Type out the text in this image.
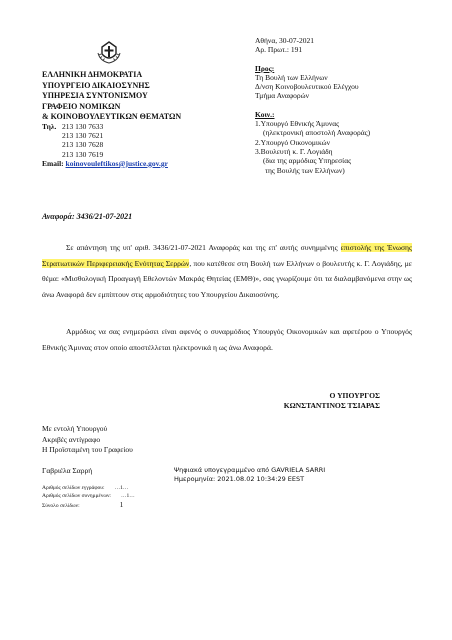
ΕΛΛΗΝΙΚΗ ΔΗΜΟΚΡΑΤΙΑ
ΥΠΟΥΡΓΕΙΟ ΔΙΚΑΙΟΣΥΝΗΣ
ΥΠΗΡΕΣΙΑ ΣΥΝΤΟΝΙΣΜΟΥ
ΓΡΑΦΕΙΟ ΝΟΜΙΚΩΝ
& ΚΟΙΝΟΒΟΥΛΕΥΤΙΚΩΝ ΘΕΜΑΤΩΝ
Τηλ. 213 130 7633
213 130 7621
213 130 7628
213 130 7619
Email: koinovouleftikos@justice.gov.gr
Αθήνα, 30-07-2021
Αρ. Πρωτ.: 191
Προς:
Τη Βουλή των Ελλήνων
Δ/νση Κοινοβουλευτικού Ελέγχου
Τμήμα Αναφορών
Κοιν.:
1.Υπουργό Εθνικής Άμυνας
(ηλεκτρονική αποστολή Αναφοράς)
2.Υπουργό Οικονομικών
3.Βουλευτή κ. Γ. Λογιάδη
(δια της αρμόδιας Υπηρεσίας
της Βουλής των Ελλήνων)
Αναφορά: 3436/21-07-2021

Σε απάντηση της υπ' αριθ. 3436/21-07-2021 Αναφοράς και της επ' αυτής συνημμένης επιστολής της Ένωσης Στρατιωτικών Περιφερειακής Ενότητας Σερρών, που κατέθεσε στη Βουλή των Ελλήνων ο βουλευτής κ. Γ. Λογιάδης, με θέμα: «Μισθολογική Προαγωγή Εθελοντών Μακράς Θητείας (ΕΜΘ)», σας γνωρίζουμε ότι τα διαλαμβανόμενα στην ως άνω Αναφορά δεν εμπίπτουν στις αρμοδιότητες του Υπουργείου Δικαιοσύνης.

Αρμόδιος να σας ενημερώσει είναι αφενός ο συναρμόδιος Υπουργός Οικονομικών και αφετέρου ο Υπουργός Εθνικής Άμυνας στον οποίο αποστέλλεται ηλεκτρονικά η ως άνω Αναφορά.

Ο ΥΠΟΥΡΓΟΣ
ΚΩΝΣΤΑΝΤΙΝΟΣ ΤΣΙΑΡΑΣ
Με εντολή Υπουργού
Ακριβές αντίγραφο
Η Προϊσταμένη του Γραφείου
Γαβριέλα Σαρρή	Ψηφιακά υπογεγραμμένο από GAVRIELA SARRI
Ημερομηνία: 2021.08.02 10:34:29 EEST
Αριθμός σελίδων εγγράφου: …1…
Αριθμός σελίδων συνημμένων: …1…
Σύνολο σελίδων:	1
